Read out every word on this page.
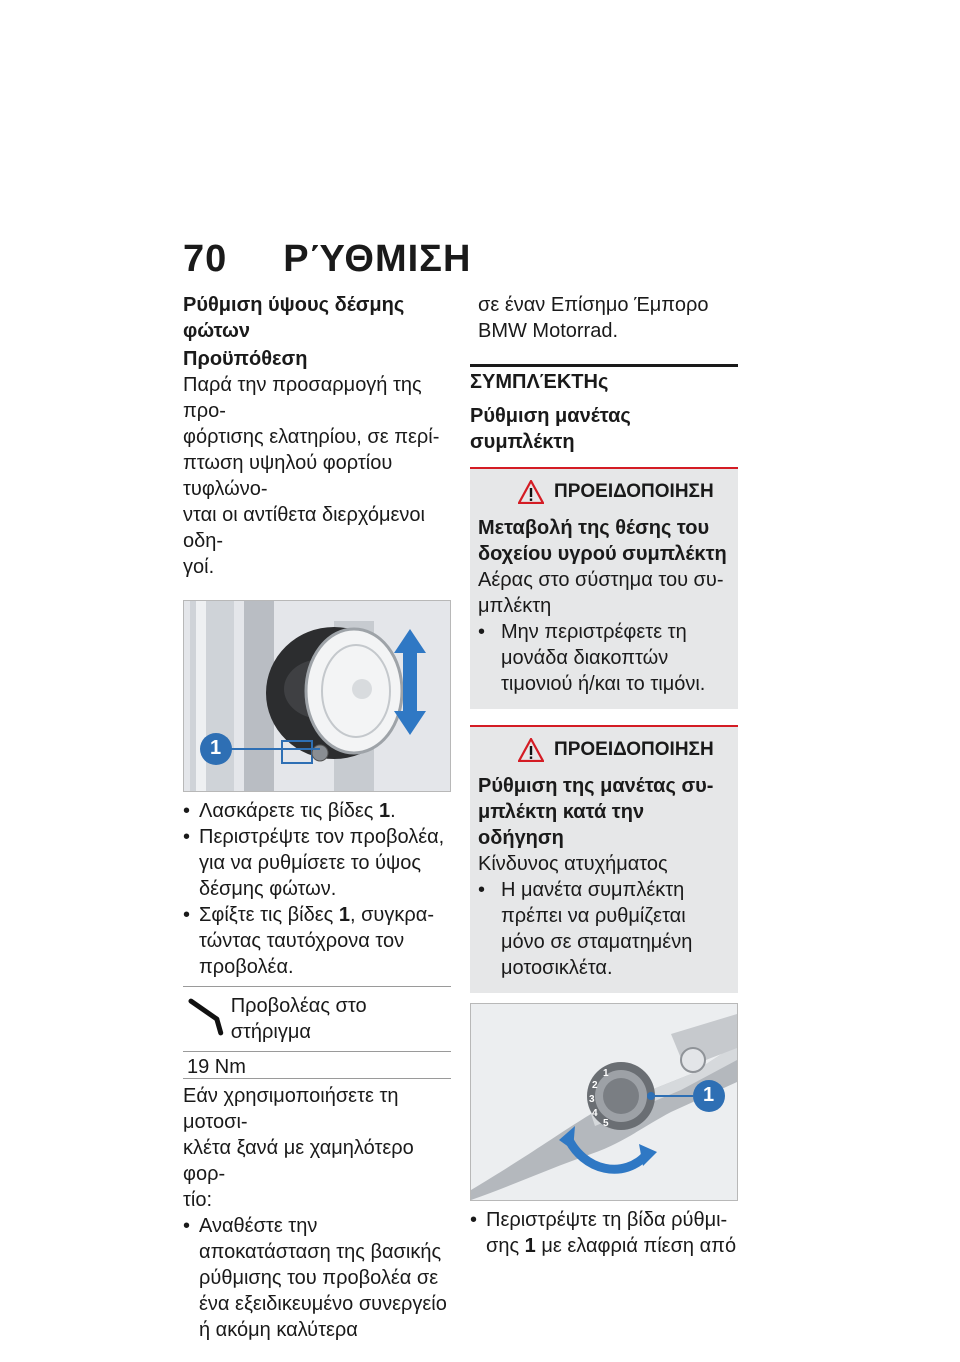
70 ΡΎΘΜΙΣΗ
Ρύθμιση ύψους δέσμης φώτων
Προϋπόθεση
Παρά την προσαρμογή της προ-
φόρτισης ελατηρίου, σε περί-
πτωση υψηλού φορτίου τυφλώνο-
νται οι αντίθετα διερχόμενοι οδη-
γοί.
1
• Λασκάρετε τις βίδες 1.
• Περιστρέψτε τον προβολέα, για να ρυθμίσετε το ύψος δέσμης φώτων.
• Σφίξτε τις βίδες 1, συγκρατώντας ταυτόχρονα τον προβολέα.
Προβολέας στο στήριγμα
19 Nm
Εάν χρησιμοποιήσετε τη μοτοσι-
κλέτα ξανά με χαμηλότερο φορ-
τίο:
• Αναθέστε την αποκατάσταση της βασικής ρύθμισης του προβολέα σε ένα εξειδικευμένο συνεργείο ή ακόμη καλύτερα
σε έναν Επίσημο Έμπορο
BMW Motorrad.
ΣΥΜΠΛΈΚΤΗς
Ρύθμιση μανέτας συμπλέκτη
ΠΡΟΕΙΔΟΠΟΙΗΣΗ
Μεταβολή της θέσης του δοχείου υγρού συμπλέκτη
Αέρας στο σύστημα του συμπλέκτη
• Μην περιστρέφετε τη μονάδα διακοπτών τιμονιού ή/και το τιμόνι.
ΠΡΟΕΙΔΟΠΟΙΗΣΗ
Ρύθμιση της μανέτας συμπλέκτη κατά την οδήγηση
Κίνδυνος ατυχήματος
• Η μανέτα συμπλέκτη πρέπει να ρυθμίζεται μόνο σε σταματημένη μοτοσικλέτα.
1
2
3
4
5
1
• Περιστρέψτε τη βίδα ρύθμισης 1 με ελαφριά πίεση από
